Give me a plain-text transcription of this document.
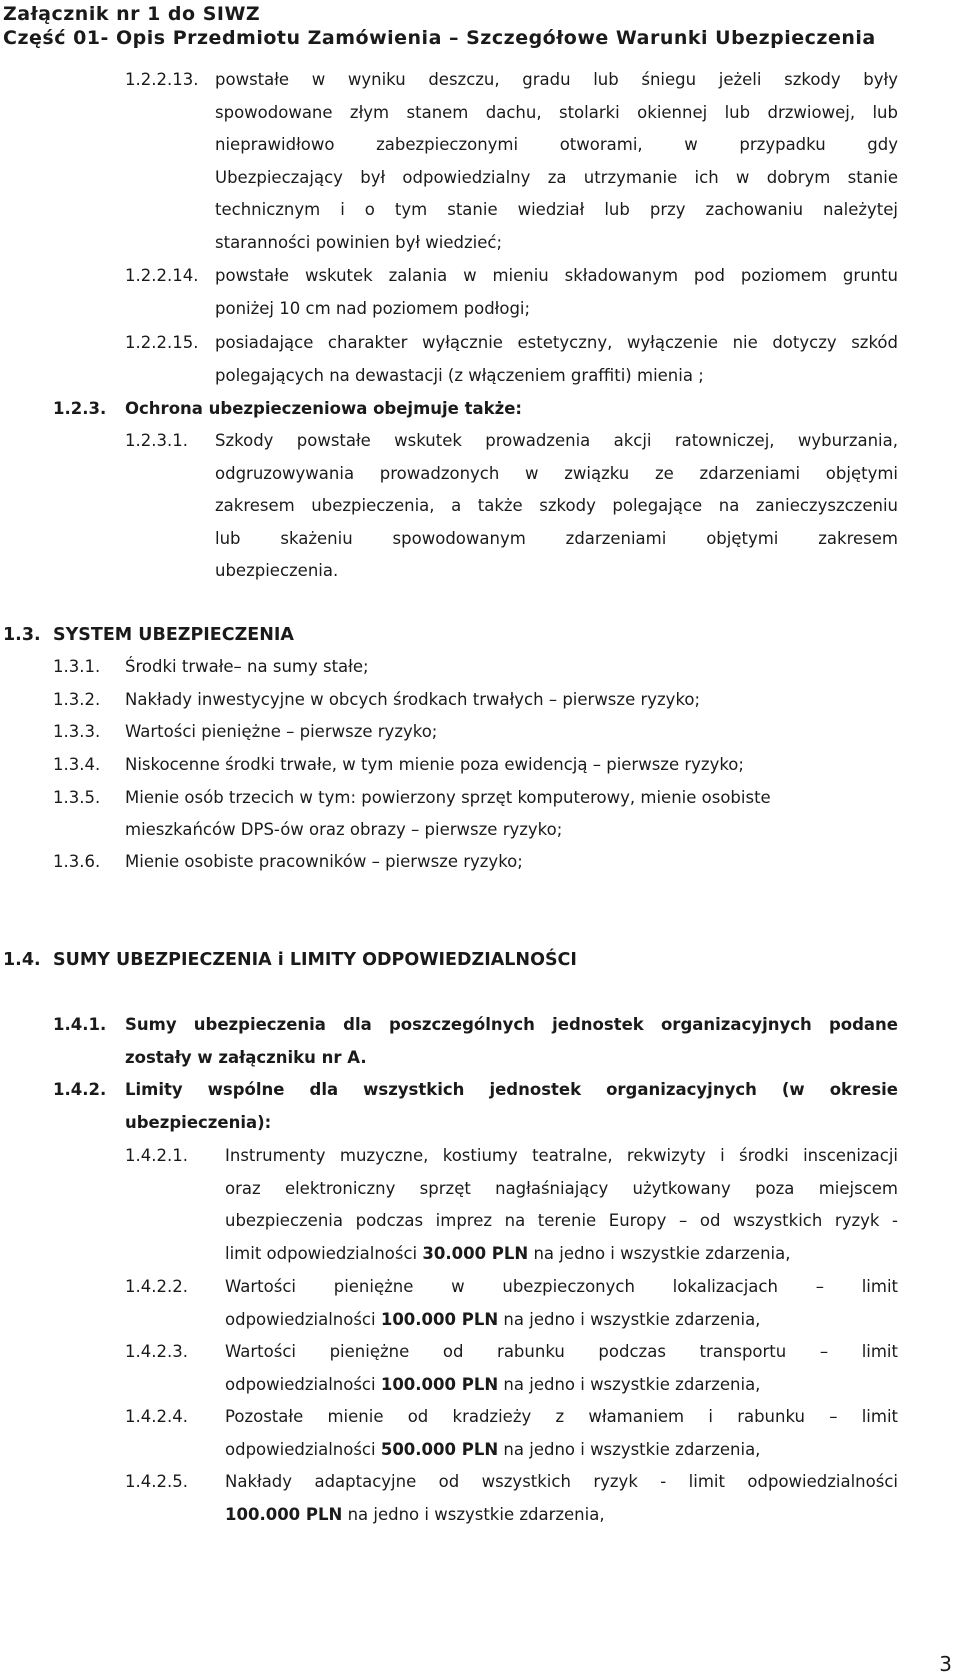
Załącznik nr 1 do SIWZ
Część 01- Opis Przedmiotu Zamówienia – Szczegółowe Warunki Ubezpieczenia
1.2.2.13. powstałe w wyniku deszczu, gradu lub śniegu jeżeli szkody były
spowodowane złym stanem dachu, stolarki okiennej lub drzwiowej, lub
nieprawidłowo zabezpieczonymi otworami, w przypadku gdy
Ubezpieczający był odpowiedzialny za utrzymanie ich w dobrym stanie
technicznym i o tym stanie wiedział lub przy zachowaniu należytej
staranności powinien był wiedzieć;
1.2.2.14. powstałe wskutek zalania w mieniu składowanym pod poziomem gruntu
poniżej 10 cm nad poziomem podłogi;
1.2.2.15. posiadające charakter wyłącznie estetyczny, wyłączenie nie dotyczy szkód
polegających na dewastacji (z włączeniem graffiti) mienia ;
1.2.3. Ochrona ubezpieczeniowa obejmuje także:
1.2.3.1. Szkody powstałe wskutek prowadzenia akcji ratowniczej, wyburzania,
odgruzowywania prowadzonych w związku ze zdarzeniami objętymi
zakresem ubezpieczenia, a także szkody polegające na zanieczyszczeniu
lub skażeniu spowodowanym zdarzeniami objętymi zakresem
ubezpieczenia.
1.3. SYSTEM UBEZPIECZENIA
1.3.1. Środki trwałe– na sumy stałe;
1.3.2. Nakłady inwestycyjne w obcych środkach trwałych – pierwsze ryzyko;
1.3.3. Wartości pieniężne – pierwsze ryzyko;
1.3.4. Niskocenne środki trwałe, w tym mienie poza ewidencją – pierwsze ryzyko;
1.3.5. Mienie osób trzecich w tym: powierzony sprzęt komputerowy, mienie osobiste
mieszkańców DPS-ów oraz obrazy – pierwsze ryzyko;
1.3.6. Mienie osobiste pracowników – pierwsze ryzyko;
1.4. SUMY UBEZPIECZENIA i LIMITY ODPOWIEDZIALNOŚCI
1.4.1. Sumy ubezpieczenia dla poszczególnych jednostek organizacyjnych podane
zostały w załączniku nr A.
1.4.2. Limity wspólne dla wszystkich jednostek organizacyjnych (w okresie
ubezpieczenia):
1.4.2.1. Instrumenty muzyczne, kostiumy teatralne, rekwizyty i środki inscenizacji
oraz elektroniczny sprzęt nagłaśniający użytkowany poza miejscem
ubezpieczenia podczas imprez na terenie Europy – od wszystkich ryzyk -
limit odpowiedzialności 30.000 PLN na jedno i wszystkie zdarzenia,
1.4.2.2. Wartości pieniężne w ubezpieczonych lokalizacjach – limit
odpowiedzialności 100.000 PLN na jedno i wszystkie zdarzenia,
1.4.2.3. Wartości pieniężne od rabunku podczas transportu – limit
odpowiedzialności 100.000 PLN na jedno i wszystkie zdarzenia,
1.4.2.4. Pozostałe mienie od kradzieży z włamaniem i rabunku – limit
odpowiedzialności 500.000 PLN na jedno i wszystkie zdarzenia,
1.4.2.5. Nakłady adaptacyjne od wszystkich ryzyk - limit odpowiedzialności
100.000 PLN na jedno i wszystkie zdarzenia,
3
